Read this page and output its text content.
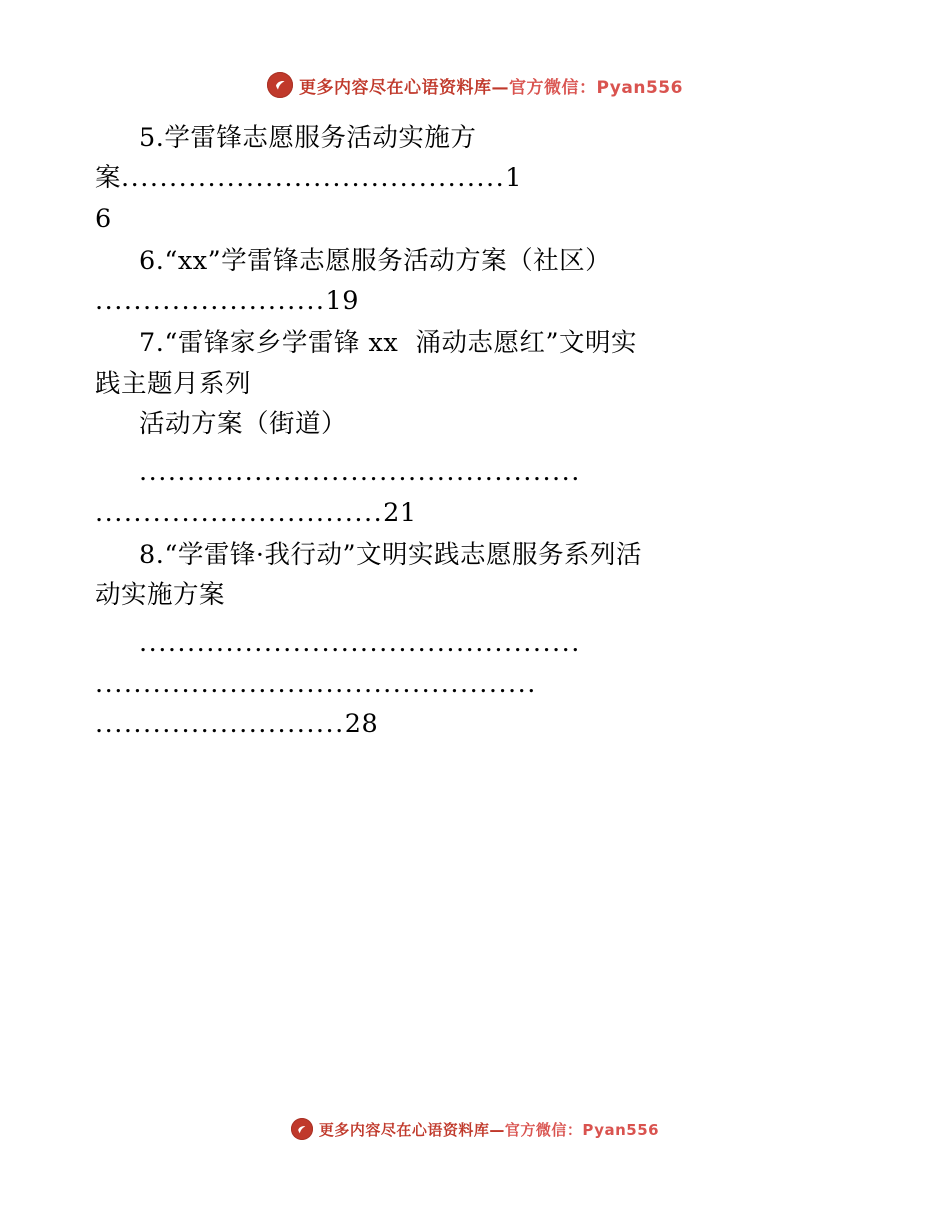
更多内容尽在心语资料库—官方微信：Pyan556
5.学雷锋志愿服务活动实施方
案........................................1
6
6.“xx”学雷锋志愿服务活动方案（社区）
........................19
7.“雷锋家乡学雷锋 xx  涌动志愿红”文明实
践主题月系列
活动方案（街道）
..............................................
..............................21
8.“学雷锋·我行动”文明实践志愿服务系列活
动实施方案
..............................................
..............................................
..........................28
更多内容尽在心语资料库—官方微信：Pyan556
